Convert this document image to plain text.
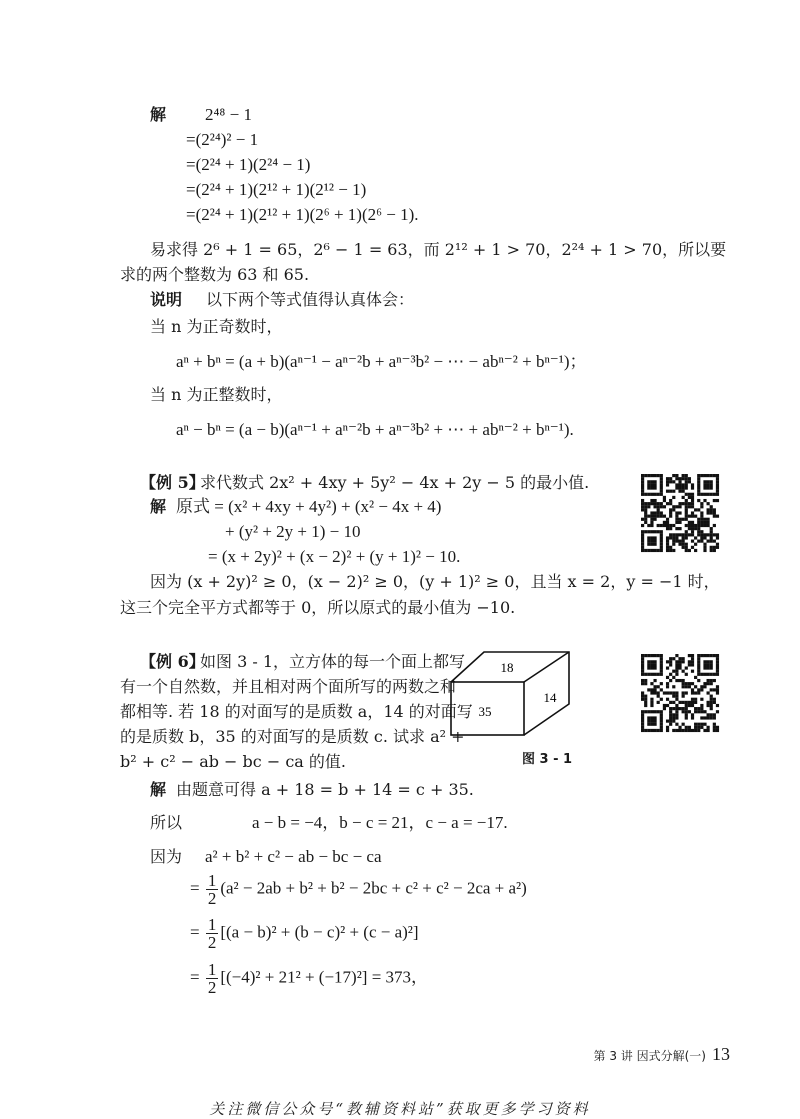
解 2⁴⁸ − 1
=(2²⁴)² − 1
=(2²⁴ + 1)(2²⁴ − 1)
=(2²⁴ + 1)(2¹² + 1)(2¹² − 1)
=(2²⁴ + 1)(2¹² + 1)(2⁶ + 1)(2⁶ − 1).
易求得 2⁶ + 1 = 65，2⁶ − 1 = 63，而 2¹² + 1 > 70，2²⁴ + 1 > 70，所以要
求的两个整数为 63 和 65.
说明 以下两个等式值得认真体会：
当 n 为正奇数时，
aⁿ + bⁿ = (a + b)(aⁿ⁻¹ − aⁿ⁻²b + aⁿ⁻³b² − ⋯ − abⁿ⁻² + bⁿ⁻¹)；
当 n 为正整数时，
aⁿ − bⁿ = (a − b)(aⁿ⁻¹ + aⁿ⁻²b + aⁿ⁻³b² + ⋯ + abⁿ⁻² + bⁿ⁻¹).
【例 5】
求代数式 2x² + 4xy + 5y² − 4x + 2y − 5 的最小值.
解 原式 = (x² + 4xy + 4y²) + (x² − 4x + 4)
+ (y² + 2y + 1) − 10
= (x + 2y)² + (x − 2)² + (y + 1)² − 10.
因为 (x + 2y)² ≥ 0，(x − 2)² ≥ 0，(y + 1)² ≥ 0，且当 x = 2，y = −1 时，
这三个完全平方式都等于 0，所以原式的最小值为 −10.
【例 6】
如图 3 - 1，立方体的每一个面上都写
有一个自然数，并且相对两个面所写的两数之和
都相等. 若 18 的对面写的是质数 a，14 的对面写
的是质数 b，35 的对面写的是质数 c. 试求 a² +
b² + c² − ab − bc − ca 的值.
18
14
35
图 3 - 1
解 由题意可得 a + 18 = b + 14 = c + 35.
所以	a − b = −4，b − c = 21，c − a = −17.
因为 a² + b² + c² − ab − bc − ca
= $\frac{1}{2} (a^2 - 2ab + b^2 + b^2 - 2bc + c^2 + c^2 - 2ca + a^2)$
= $\frac{1}{2} [(a - b)^2 + (b - c)^2 + (c - a)^2]$
= $\frac{1}{2} [(-4)^2 + 21^2 + (-17)^2] = 373$，
第 3 讲 因式分解(一) 13
关注微信公众号“教辅资料站”获取更多学习资料
